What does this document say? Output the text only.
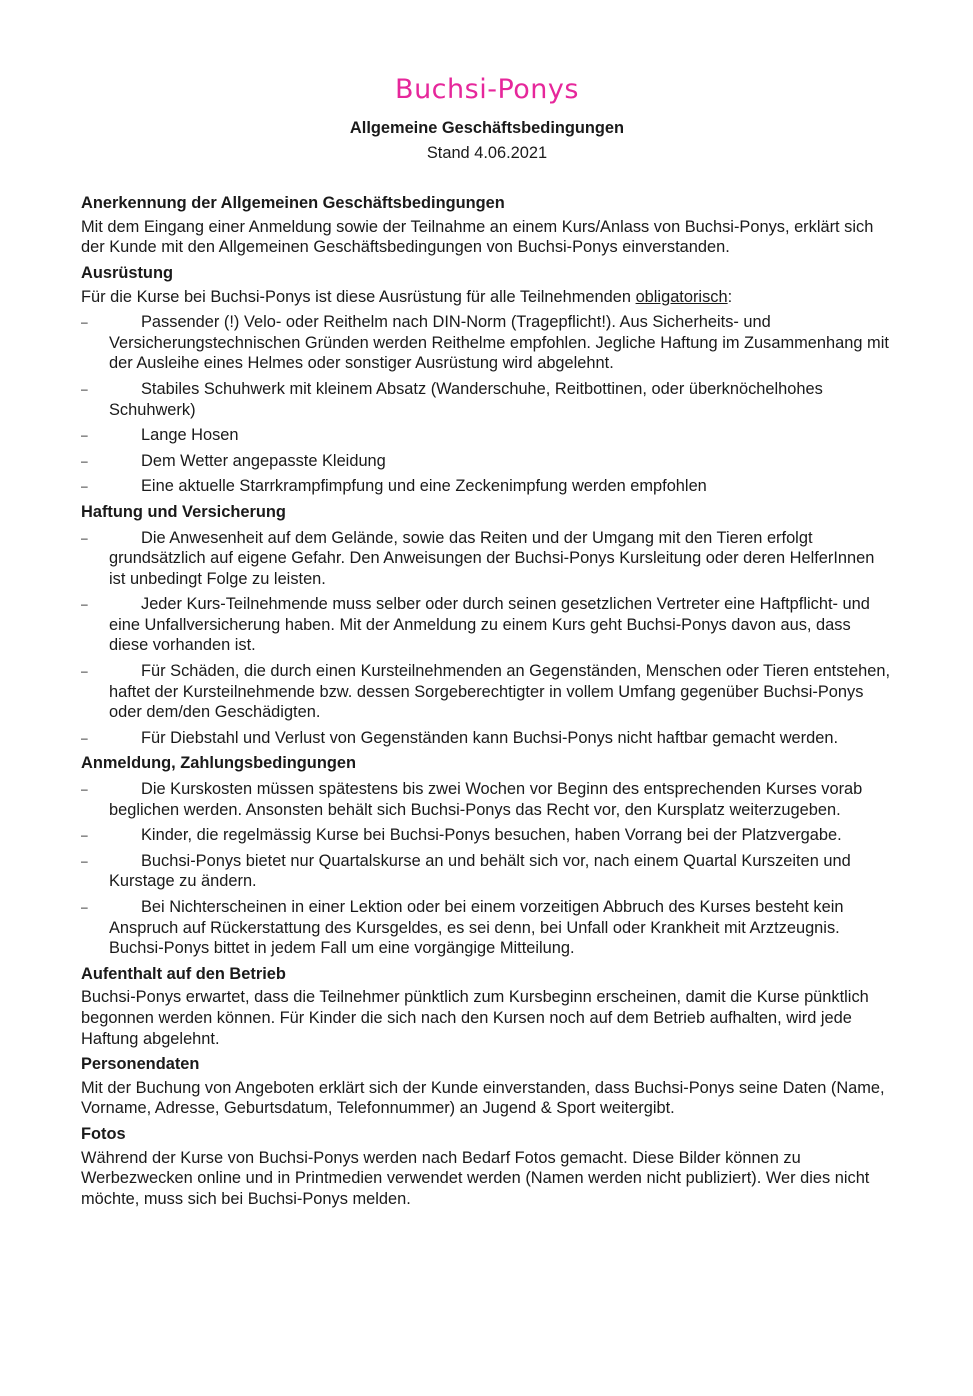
Buchsi-Ponys

Allgemeine Geschäftsbedingungen

Stand 4.06.2021

Anerkennung der Allgemeinen Geschäftsbedingungen

Mit dem Eingang einer Anmeldung sowie der Teilnahme an einem Kurs/Anlass von Buchsi-Ponys, erklärt sich der Kunde mit den Allgemeinen Geschäftsbedingungen von Buchsi-Ponys einverstanden.

Ausrüstung

Für die Kurse bei Buchsi-Ponys ist diese Ausrüstung für alle Teilnehmenden obligatorisch:

–	Passender (!) Velo- oder Reithelm nach DIN-Norm (Tragepflicht!). Aus Sicherheits- und Versicherungstechnischen Gründen werden Reithelme empfohlen. Jegliche Haftung im Zusammenhang mit der Ausleihe eines Helmes oder sonstiger Ausrüstung wird abgelehnt.
–	Stabiles Schuhwerk mit kleinem Absatz (Wanderschuhe, Reitbottinen, oder überknöchelhohes Schuhwerk)
–	Lange Hosen
–	Dem Wetter angepasste Kleidung
–	Eine aktuelle Starrkrampfimpfung und eine Zeckenimpfung werden empfohlen
Haftung und Versicherung
–	Die Anwesenheit auf dem Gelände, sowie das Reiten und der Umgang mit den Tieren erfolgt grundsätzlich auf eigene Gefahr. Den Anweisungen der Buchsi-Ponys Kursleitung oder deren HelferInnen ist unbedingt Folge zu leisten.
–	Jeder Kurs-Teilnehmende muss selber oder durch seinen gesetzlichen Vertreter eine Haftpflicht- und eine Unfallversicherung haben. Mit der Anmeldung zu einem Kurs geht Buchsi-Ponys davon aus, dass diese vorhanden ist.
–	Für Schäden, die durch einen Kursteilnehmenden an Gegenständen, Menschen oder Tieren entstehen, haftet der Kursteilnehmende bzw. dessen Sorgeberechtigter in vollem Umfang gegenüber Buchsi-Ponys oder dem/den Geschädigten.
–	Für Diebstahl und Verlust von Gegenständen kann Buchsi-Ponys nicht haftbar gemacht werden.
Anmeldung, Zahlungsbedingungen
–	Die Kurskosten müssen spätestens bis zwei Wochen vor Beginn des entsprechenden Kurses vorab beglichen werden. Ansonsten behält sich Buchsi-Ponys das Recht vor, den Kursplatz weiterzugeben.
–	Kinder, die regelmässig Kurse bei Buchsi-Ponys besuchen, haben Vorrang bei der Platzvergabe.
–	Buchsi-Ponys bietet nur Quartalskurse an und behält sich vor, nach einem Quartal Kurszeiten und Kurstage zu ändern.
–	Bei Nichterscheinen in einer Lektion oder bei einem vorzeitigen Abbruch des Kurses besteht kein Anspruch auf Rückerstattung des Kursgeldes, es sei denn, bei Unfall oder Krankheit mit Arztzeugnis. Buchsi-Ponys bittet in jedem Fall um eine vorgängige Mitteilung.
Aufenthalt auf den Betrieb

Buchsi-Ponys erwartet, dass die Teilnehmer pünktlich zum Kursbeginn erscheinen, damit die Kurse pünktlich begonnen werden können. Für Kinder die sich nach den Kursen noch auf dem Betrieb aufhalten, wird jede Haftung abgelehnt.

Personendaten

Mit der Buchung von Angeboten erklärt sich der Kunde einverstanden, dass Buchsi-Ponys seine Daten (Name, Vorname, Adresse, Geburtsdatum, Telefonnummer) an Jugend & Sport weitergibt.

Fotos

Während der Kurse von Buchsi-Ponys werden nach Bedarf Fotos gemacht. Diese Bilder können zu Werbezwecken online und in Printmedien verwendet werden (Namen werden nicht publiziert). Wer dies nicht möchte, muss sich bei Buchsi-Ponys melden.
